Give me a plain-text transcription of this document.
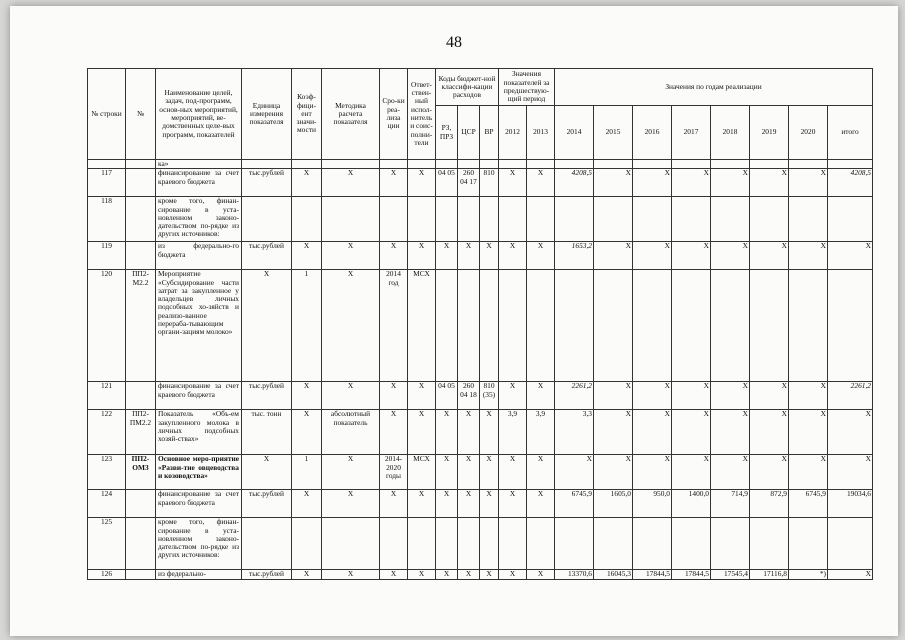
48
№ строки	№	Наименование целей, задач, под-программ, основ-ных мероприятий, мероприятий, ве-домственных целе-вых программ, показателей	Единица измерения показателя	Коэф-фици-ент значи-мости	Методика расчета показателя	Сро-ки реа-лиза ции	Ответ-ствен-ный испол-нитель и соис-полни-тели	Коды бюджет-ной классифи-кации расходов			Значения показателей за предшествую-щий период		Значения по годам реализации							
								РЗ, ПРЗ	ЦСР	ВР	2012	2013	2014	2015	2016	2017	2018	2019	2020	итого
		ка»																		
117		финансирование за счет краевого бюджета	тыс.рублей	X	X	X	X	04 05	260 04 17	810	X	X	4208,5	X	X	X	X	X	X	4208,5
118		кроме того, финан-сирование в уста-новленном законо-дательством по-рядке из других источников:																		
119		из федерально-го бюджета	тыс.рублей	X	X	X	X	X	X	X	X	X	1653,2	X	X	X	X	X	X	X
120	ПП2-М2.2	Мероприятие «Субсидирование части затрат за закупленное у владельцев личных подсобных хо-зяйств и реализо-ванное перераба-тывающим органи-зациям молоко»	X	1	X	2014 год	МСХ													
121		финансирование за счет краевого бюджета	тыс.рублей	X	X	X	X	04 05	260 04 18	810 (35)	X	X	2261,2	X	X	X	X	X	X	2261,2
122	ПП2-ПМ2.2	Показатель «Объ-ем закупленного молока в личных подсобных хозяй-ствах»	тыс. тонн	X	абсолютный показатель	X	X	X	X	X	3,9	3,9	3,3	X	X	X	X	X	X	X
123	ПП2-ОМ3	Основное меро-приятие «Разви-тие овцеводства и козоводства»	X	1	X	2014-2020 годы	МСХ	X	X	X	X	X	X	X	X	X	X	X	X	X
124		финансирование за счет краевого бюджета	тыс.рублей	X	X	X	X	X	X	X	X	X	6745,9	1605,0	950,0	1400,0	714,9	872,9	6745,9	19034,6
125		кроме того, финан-сирование в уста-новленном законо-дательством по-рядке из других источников:																		
126		из федерально-	тыс.рублей	X	X	X	X	X	X	X	X	X	13370,6	16045,3	17844,5	17844,5	17545,4	17116,8	*)	X
